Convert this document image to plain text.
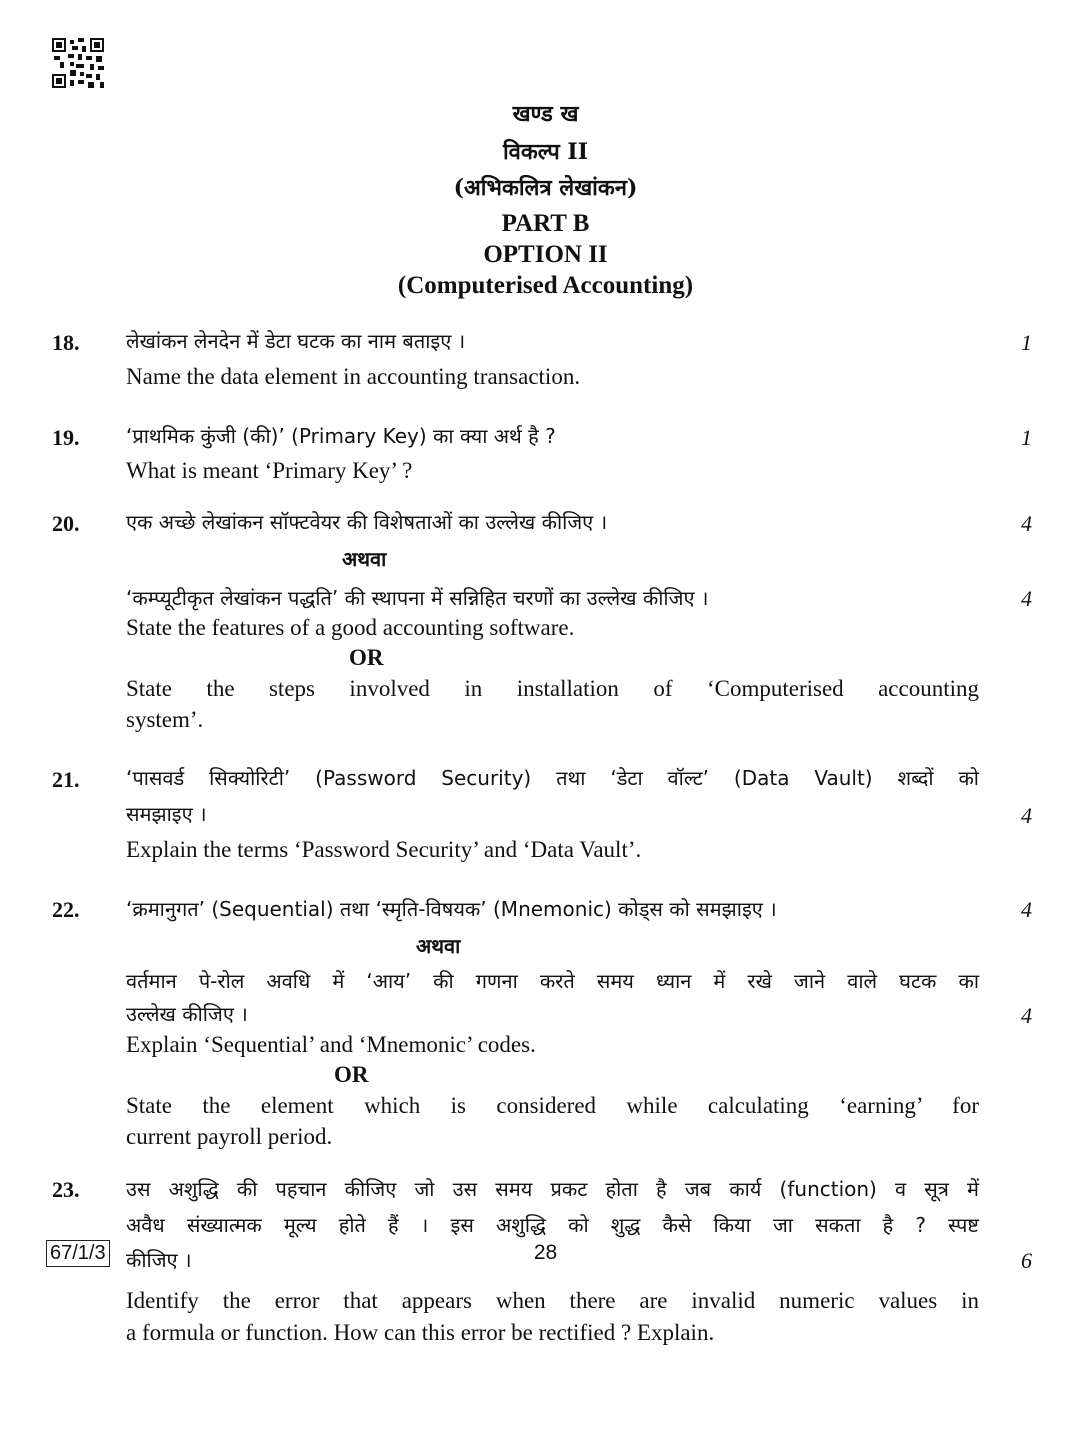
खण्ड ख
विकल्प II
(अभिकलित्र लेखांकन)
PART B
OPTION II
(Computerised Accounting)
18. लेखांकन लेनदेन में डेटा घटक का नाम बताइए ।
Name the data element in accounting transaction.
1
19. ‘प्राथमिक कुंजी (की)’ (Primary Key) का क्या अर्थ है ?
What is meant ‘Primary Key’ ?
1
20. एक अच्छे लेखांकन सॉफ्टवेयर की विशेषताओं का उल्लेख कीजिए ।
अथवा
‘कम्प्यूटीकृत लेखांकन पद्धति’ की स्थापना में सन्निहित चरणों का उल्लेख कीजिए ।
State the features of a good accounting software.
OR
State the steps involved in installation of ‘Computerised accounting
system’.
4
4
21. ‘पासवर्ड सिक्योरिटी’ (Password Security) तथा ‘डेटा वॉल्ट’ (Data Vault) शब्दों को
समझाइए ।
Explain the terms ‘Password Security’ and ‘Data Vault’.
4
22. ‘क्रमानुगत’ (Sequential) तथा ‘स्मृति-विषयक’ (Mnemonic) कोड्स को समझाइए ।
अथवा
वर्तमान पे-रोल अवधि में ‘आय’ की गणना करते समय ध्यान में रखे जाने वाले घटक का
उल्लेख कीजिए ।
Explain ‘Sequential’ and ‘Mnemonic’ codes.
OR
State the element which is considered while calculating ‘earning’ for
current payroll period.
4
4
23. उस अशुद्धि की पहचान कीजिए जो उस समय प्रकट होता है जब कार्य (function) व सूत्र में
अवैध संख्यात्मक मूल्य होते हैं । इस अशुद्धि को शुद्ध कैसे किया जा सकता है ? स्पष्ट
कीजिए ।
Identify the error that appears when there are invalid numeric values in
a formula or function. How can this error be rectified ? Explain.
6
67/1/3	28
